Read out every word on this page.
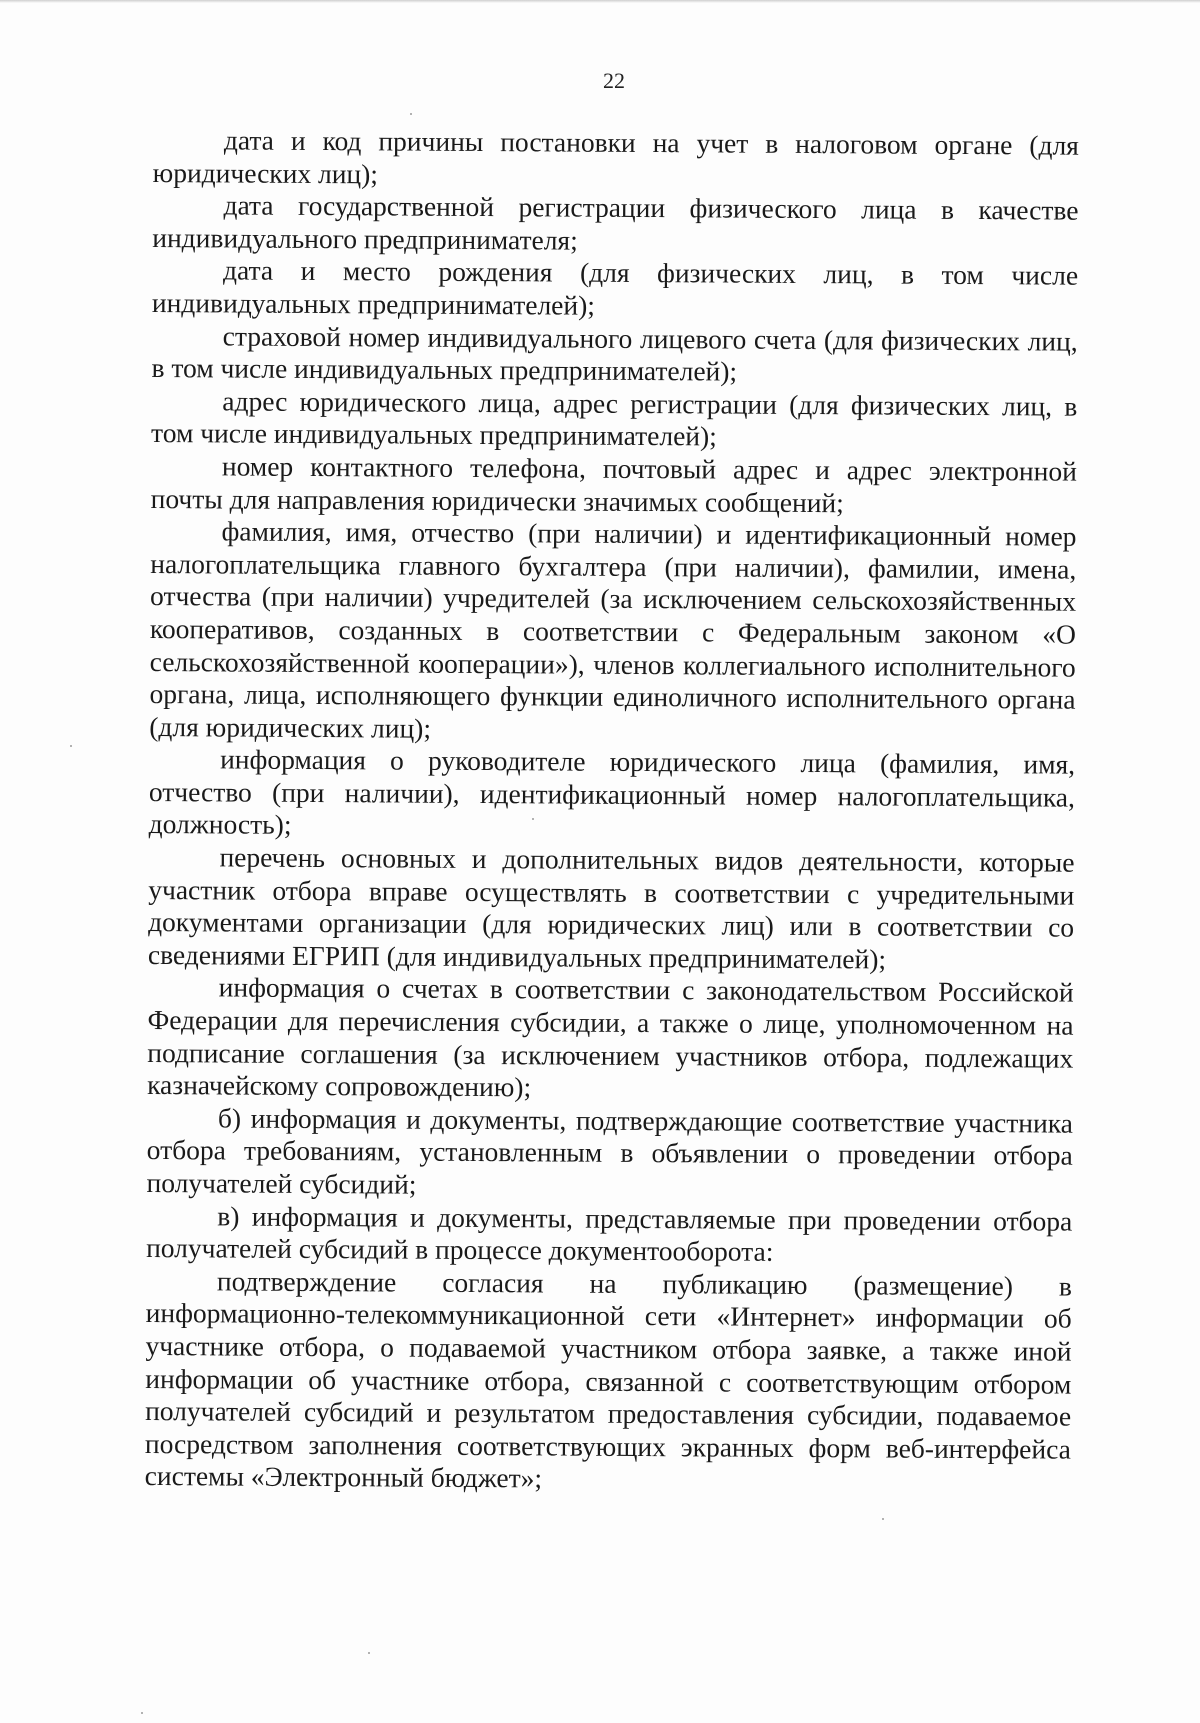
22

дата и код причины постановки на учет в налоговом органе (для юридических лиц);

дата государственной регистрации физического лица в качестве индивидуального предпринимателя;

дата и место рождения (для физических лиц, в том числе индивидуальных предпринимателей);

страховой номер индивидуального лицевого счета (для физических лиц, в том числе индивидуальных предпринимателей);

адрес юридического лица, адрес регистрации (для физических лиц, в том числе индивидуальных предпринимателей);

номер контактного телефона, почтовый адрес и адрес электронной почты для направления юридически значимых сообщений;

фамилия, имя, отчество (при наличии) и идентификационный номер налогоплательщика главного бухгалтера (при наличии), фамилии, имена, отчества (при наличии) учредителей (за исключением сельскохозяйственных кооперативов, созданных в соответствии с Федеральным законом «О сельскохозяйственной кооперации»), членов коллегиального исполнительного органа, лица, исполняющего функции единоличного исполнительного органа (для юридических лиц);

информация о руководителе юридического лица (фамилия, имя, отчество (при наличии), идентификационный номер налогоплательщика, должность);

перечень основных и дополнительных видов деятельности, которые участник отбора вправе осуществлять в соответствии с учредительными документами организации (для юридических лиц) или в соответствии со сведениями ЕГРИП (для индивидуальных предпринимателей);

информация о счетах в соответствии с законодательством Российской Федерации для перечисления субсидии, а также о лице, уполномоченном на подписание соглашения (за исключением участников отбора, подлежащих казначейскому сопровождению);

б) информация и документы, подтверждающие соответствие участника отбора требованиям, установленным в объявлении о проведении отбора получателей субсидий;

в) информация и документы, представляемые при проведении отбора получателей субсидий в процессе документооборота:

подтверждение согласия на публикацию (размещение) в информационно-телекоммуникационной сети «Интернет» информации об участнике отбора, о подаваемой участником отбора заявке, а также иной информации об участнике отбора, связанной с соответствующим отбором получателей субсидий и результатом предоставления субсидии, подаваемое посредством заполнения соответствующих экранных форм веб-интерфейса системы «Электронный бюджет»;
